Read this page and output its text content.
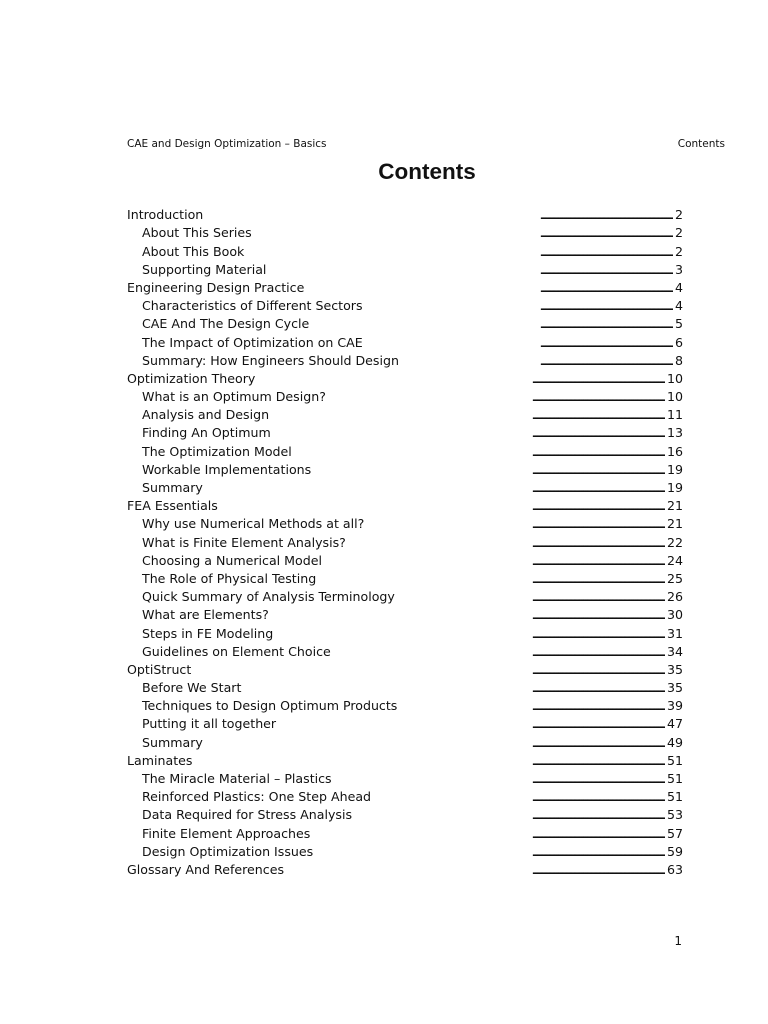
CAE and Design Optimization – Basics	Contents
Contents
Introduction . . .	2
About This Series . . .	2
About This Book . . .	2
Supporting Material . . .	3
Engineering Design Practice . . .	4
Characteristics of Different Sectors . . .	4
CAE And The Design Cycle . . .	5
The Impact of Optimization on CAE . . .	6
Summary: How Engineers Should Design . . .	8
Optimization Theory . . .	10
What is an Optimum Design? . . .	10
Analysis and Design . . .	11
Finding An Optimum . . .	13
The Optimization Model . . .	16
Workable Implementations . . .	19
Summary . . .	19
FEA Essentials . . .	21
Why use Numerical Methods at all? . . .	21
What is Finite Element Analysis? . . .	22
Choosing a Numerical Model . . .	24
The Role of Physical Testing . . .	25
Quick Summary of Analysis Terminology . . .	26
What are Elements? . . .	30
Steps in FE Modeling . . .	31
Guidelines on Element Choice . . .	34
OptiStruct . . .	35
Before We Start . . .	35
Techniques to Design Optimum Products . . .	39
Putting it all together . . .	47
Summary . . .	49
Laminates . . .	51
The Miracle Material – Plastics . . .	51
Reinforced Plastics: One Step Ahead . . .	51
Data Required for Stress Analysis . . .	53
Finite Element Approaches . . .	57
Design Optimization Issues . . .	59
Glossary And References . . .	63
1
